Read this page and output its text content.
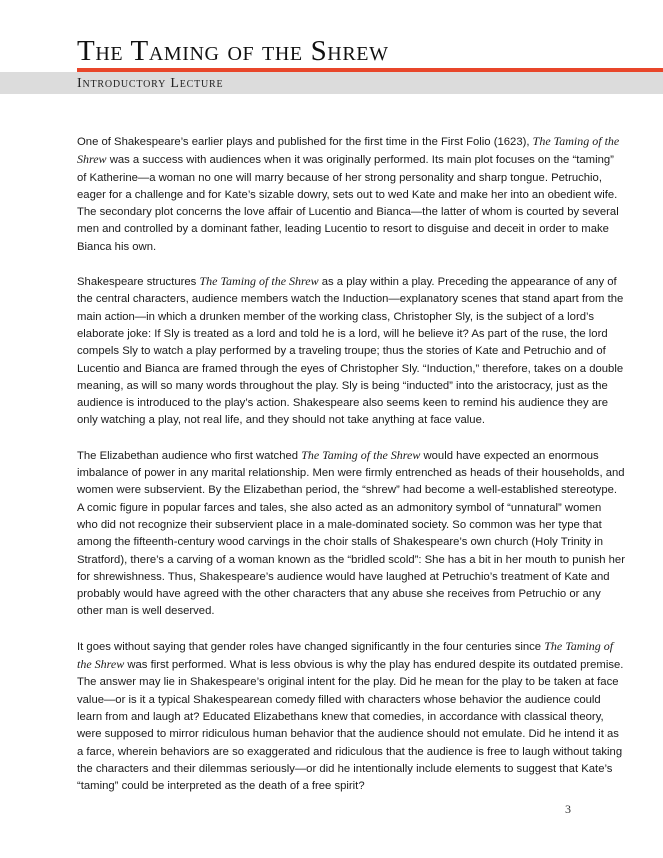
The Taming of the Shrew
Introductory Lecture

One of Shakespeare’s earlier plays and published for the first time in the First Folio (1623), The Taming of the Shrew was a success with audiences when it was originally performed. Its main plot focuses on the “taming” of Katherine—a woman no one will marry because of her strong personality and sharp tongue. Petruchio, eager for a challenge and for Kate’s sizable dowry, sets out to wed Kate and make her into an obedient wife. The secondary plot concerns the love affair of Lucentio and Bianca—the latter of whom is courted by several men and controlled by a dominant father, leading Lucentio to resort to disguise and deceit in order to make Bianca his own.

Shakespeare structures The Taming of the Shrew as a play within a play. Preceding the appearance of any of the central characters, audience members watch the Induction—explanatory scenes that stand apart from the main action—in which a drunken member of the working class, Christopher Sly, is the subject of a lord’s elaborate joke: If Sly is treated as a lord and told he is a lord, will he believe it? As part of the ruse, the lord compels Sly to watch a play performed by a traveling troupe; thus the stories of Kate and Petruchio and of Lucentio and Bianca are framed through the eyes of Christopher Sly. “Induction,” therefore, takes on a double meaning, as will so many words throughout the play. Sly is being “inducted” into the aristocracy, just as the audience is introduced to the play’s action. Shakespeare also seems keen to remind his audience they are only watching a play, not real life, and they should not take anything at face value.

The Elizabethan audience who first watched The Taming of the Shrew would have expected an enormous imbalance of power in any marital relationship. Men were firmly entrenched as heads of their households, and women were subservient. By the Elizabethan period, the “shrew” had become a well-established stereotype. A comic figure in popular farces and tales, she also acted as an admonitory symbol of “unnatural” women who did not recognize their subservient place in a male-dominated society. So common was her type that among the fifteenth-century wood carvings in the choir stalls of Shakespeare’s own church (Holy Trinity in Stratford), there’s a carving of a woman known as the “bridled scold”: She has a bit in her mouth to punish her for shrewishness. Thus, Shakespeare’s audience would have laughed at Petruchio’s treatment of Kate and probably would have agreed with the other characters that any abuse she receives from Petruchio or any other man is well deserved.

It goes without saying that gender roles have changed significantly in the four centuries since The Taming of the Shrew was first performed. What is less obvious is why the play has endured despite its outdated premise. The answer may lie in Shakespeare’s original intent for the play. Did he mean for the play to be taken at face value—or is it a typical Shakespearean comedy filled with characters whose behavior the audience could learn from and laugh at? Educated Elizabethans knew that comedies, in accordance with classical theory, were supposed to mirror ridiculous human behavior that the audience should not emulate. Did he intend it as a farce, wherein behaviors are so exaggerated and ridiculous that the audience is free to laugh without taking the characters and their dilemmas seriously—or did he intentionally include elements to suggest that Kate’s “taming” could be interpreted as the death of a free spirit?

3
